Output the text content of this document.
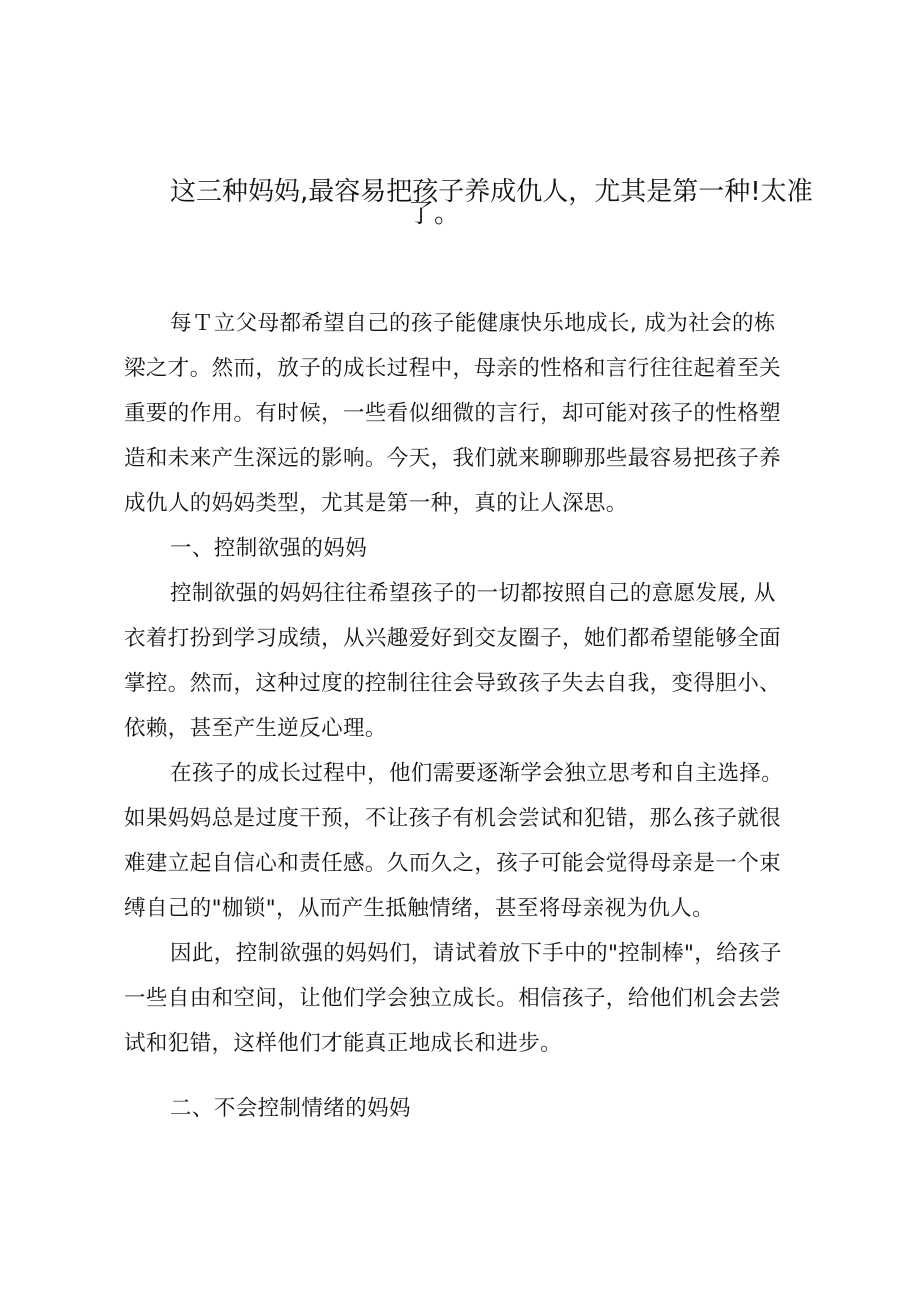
这三种妈妈,最容易把孩子养成仇人，尤其是第一种!太准
了。
每Ｔ立父母都希望自己的孩子能健康快乐地成长, 成为社会的栋
梁之才。然而，放子的成长过程中，母亲的性格和言行往往起着至关
重要的作用。有时候，一些看似细微的言行，却可能对孩子的性格塑
造和未来产生深远的影响。今天，我们就来聊聊那些最容易把孩子养
成仇人的妈妈类型，尤其是第一种，真的让人深思。
一、控制欲强的妈妈
控制欲强的妈妈往往希望孩子的一切都按照自己的意愿发展, 从
衣着打扮到学习成绩，从兴趣爱好到交友圈子，她们都希望能够全面
掌控。然而，这种过度的控制往往会导致孩子失去自我，变得胆小、
依赖，甚至产生逆反心理。
在孩子的成长过程中，他们需要逐渐学会独立思考和自主选择。
如果妈妈总是过度干预，不让孩子有机会尝试和犯错，那么孩子就很
难建立起自信心和责任感。久而久之，孩子可能会觉得母亲是一个束
缚自己的"枷锁"，从而产生抵触情绪，甚至将母亲视为仇人。
因此，控制欲强的妈妈们，请试着放下手中的"控制棒"，给孩子
一些自由和空间，让他们学会独立成长。相信孩子，给他们机会去尝
试和犯错，这样他们才能真正地成长和进步。
二、不会控制情绪的妈妈
